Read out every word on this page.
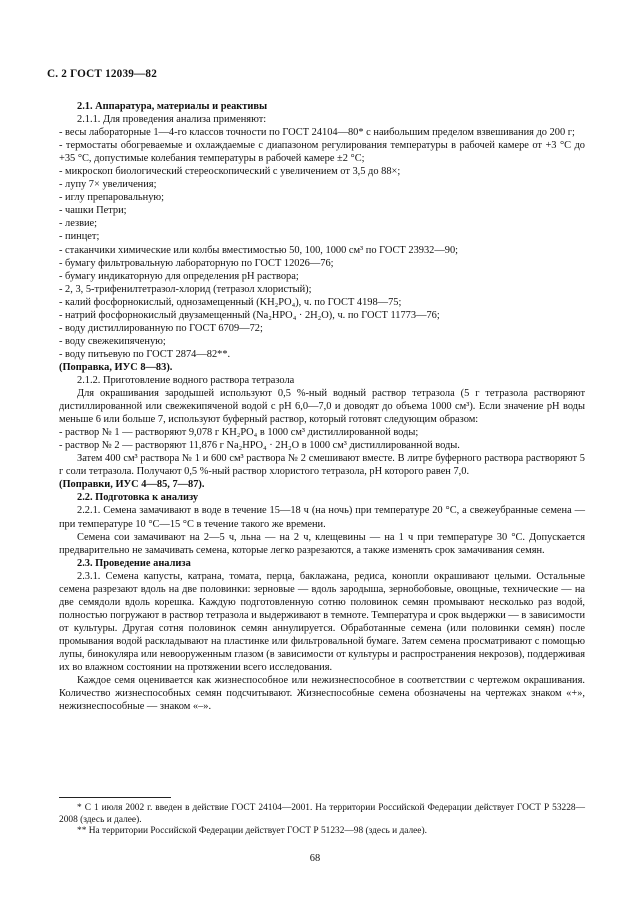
С. 2 ГОСТ 12039—82

2.1. Аппаратура, материалы и реактивы

2.1.1. Для проведения анализа применяют:

- весы лабораторные 1—4-го классов точности по ГОСТ 24104—80* с наибольшим пределом взвешивания до 200 г;

- термостаты обогреваемые и охлаждаемые с диапазоном регулирования температуры в рабочей камере от +3 °С до +35 °С, допустимые колебания температуры в рабочей камере ±2 °С;

- микроскоп биологический стереоскопический с увеличением от 3,5 до 88×;

- лупу 7× увеличения;

- иглу препаровальную;

- чашки Петри;

- лезвие;

- пинцет;

- стаканчики химические или колбы вместимостью 50, 100, 1000 см³ по ГОСТ 23932—90;

- бумагу фильтровальную лабораторную по ГОСТ 12026—76;

- бумагу индикаторную для определения рН раствора;

- 2, 3, 5-трифенилтетразол-хлорид (тетразол хлористый);

- калий фосфорнокислый, однозамещенный (KH₂PO₄), ч. по ГОСТ 4198—75;

- натрий фосфорнокислый двузамещенный (Na₂HPO₄ · 2H₂O), ч. по ГОСТ 11773—76;

- воду дистиллированную по ГОСТ 6709—72;

- воду свежекипяченую;

- воду питьевую по ГОСТ 2874—82**.

(Поправка, ИУС 8—83).

2.1.2. Приготовление водного раствора тетразола

Для окрашивания зародышей используют 0,5 %-ный водный раствор тетразола (5 г тетразола растворяют дистиллированной или свежекипяченой водой с рН 6,0—7,0 и доводят до объема 1000 см³). Если значение рН воды меньше 6 или больше 7, используют буферный раствор, который готовят следующим образом:

- раствор № 1 — растворяют 9,078 г KH₂PO₄ в 1000 см³ дистиллированной воды;

- раствор № 2 — растворяют 11,876 г Na₂HPO₄ · 2H₂O в 1000 см³ дистиллированной воды.

Затем 400 см³ раствора № 1 и 600 см³ раствора № 2 смешивают вместе. В литре буферного раствора растворяют 5 г соли тетразола. Получают 0,5 %-ный раствор хлористого тетразола, рН которого равен 7,0.

(Поправки, ИУС 4—85, 7—87).

2.2. Подготовка к анализу

2.2.1. Семена замачивают в воде в течение 15—18 ч (на ночь) при температуре 20 °С, а свежеубранные семена — при температуре 10 °С—15 °С в течение такого же времени.

Семена сои замачивают на 2—5 ч, льна — на 2 ч, клещевины — на 1 ч при температуре 30 °С. Допускается предварительно не замачивать семена, которые легко разрезаются, а также изменять срок замачивания семян.

2.3. Проведение анализа

2.3.1. Семена капусты, катрана, томата, перца, баклажана, редиса, конопли окрашивают целыми. Остальные семена разрезают вдоль на две половинки: зерновые — вдоль зародыша, зернобобовые, овощные, технические — на две семядоли вдоль корешка. Каждую подготовленную сотню половинок семян промывают несколько раз водой, полностью погружают в раствор тетразола и выдерживают в темноте. Температура и срок выдержки — в зависимости от культуры. Другая сотня половинок семян аннулируется. Обработанные семена (или половинки семян) после промывания водой раскладывают на пластинке или фильтровальной бумаге. Затем семена просматривают с помощью лупы, бинокуляра или невооруженным глазом (в зависимости от культуры и распространения некрозов), поддерживая их во влажном состоянии на протяжении всего исследования.

Каждое семя оценивается как жизнеспособное или нежизнеспособное в соответствии с чертежом окрашивания. Количество жизнеспособных семян подсчитывают. Жизнеспособные семена обозначены на чертежах знаком «+», нежизнеспособные — знаком «–».

* С 1 июля 2002 г. введен в действие ГОСТ 24104—2001. На территории Российской Федерации действует ГОСТ Р 53228—2008 (здесь и далее).

** На территории Российской Федерации действует ГОСТ Р 51232—98 (здесь и далее).

68
